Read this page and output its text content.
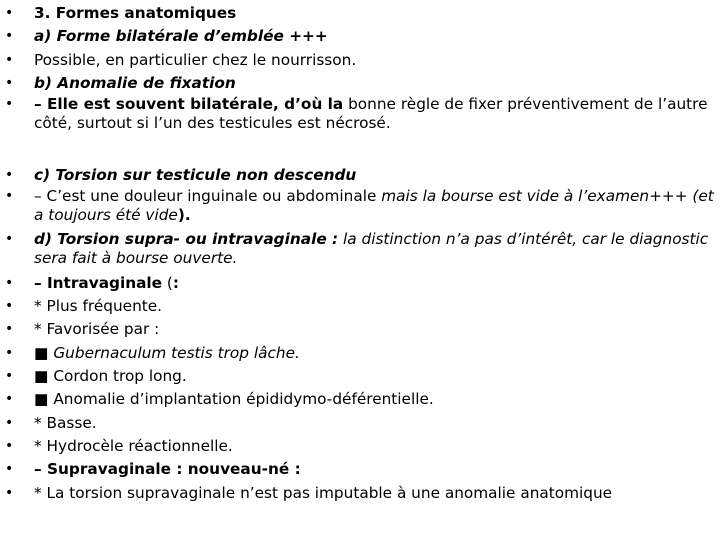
•	3. Formes anatomiques
•	a) Forme bilatérale d’emblée +++
•	Possible, en particulier chez le nourrisson.
•	b) Anomalie de fixation
•	– Elle est souvent bilatérale, d’où la bonne règle de fixer préventivement de l’autre côté, surtout si l’un des testicules est nécrosé.
•	c) Torsion sur testicule non descendu
•	– C’est une douleur inguinale ou abdominale mais la bourse est vide à l’examen+++ (et a toujours été vide).
•	d) Torsion supra- ou intravaginale : la distinction n’a pas d’intérêt, car le diagnostic sera fait à bourse ouverte.
•	– Intravaginale (:
•	* Plus fréquente.
•	* Favorisée par :
•	■ Gubernaculum testis trop lâche.
•	■ Cordon trop long.
•	■ Anomalie d’implantation épididymo-déférentielle.
•	* Basse.
•	* Hydrocèle réactionnelle.
•	– Supravaginale : nouveau-né :
•	* La torsion supravaginale n’est pas imputable à une anomalie anatomique
